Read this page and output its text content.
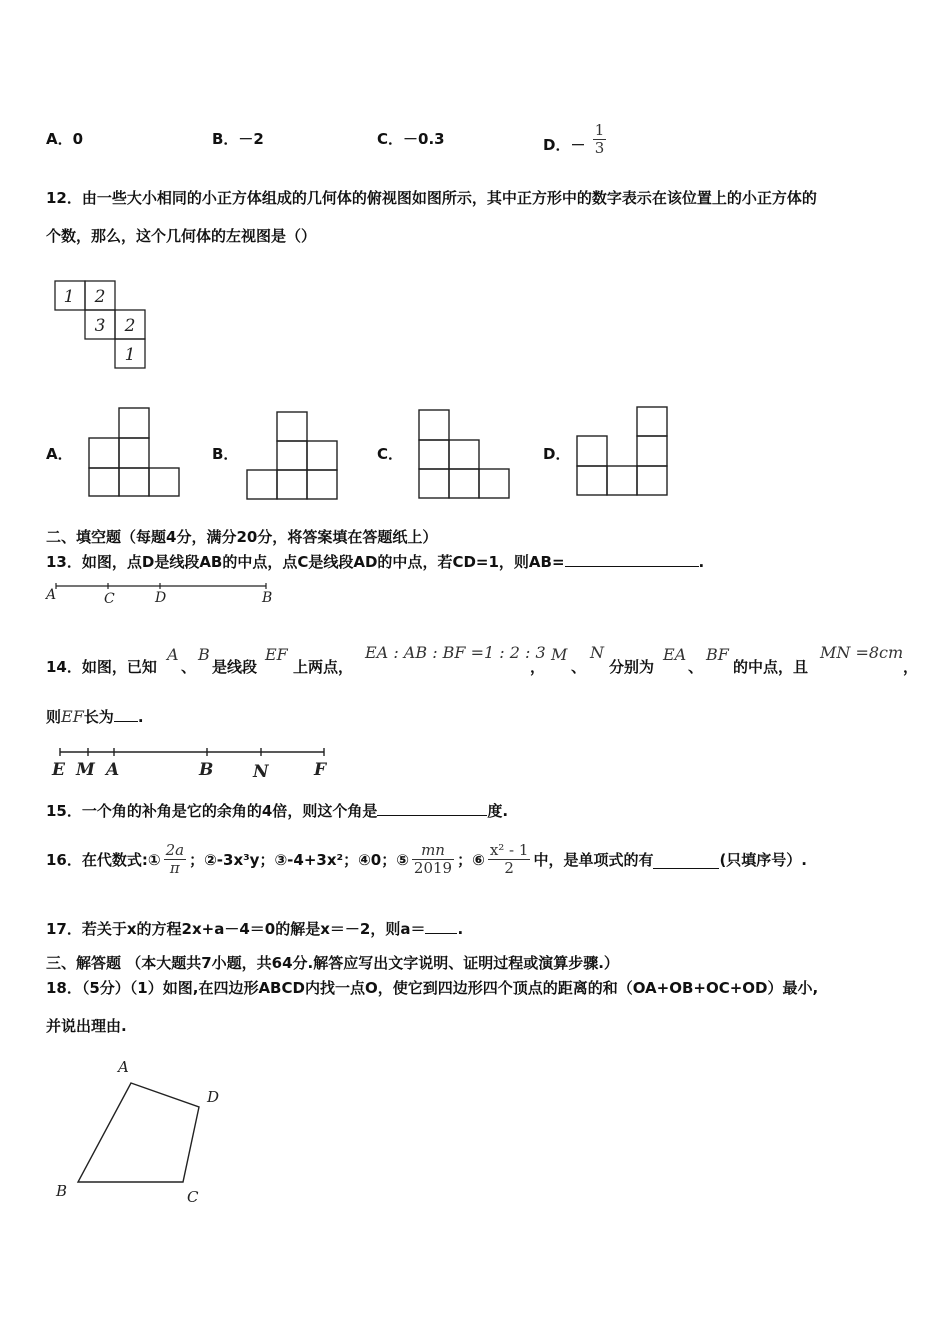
A．0	B．－2	C．－0.3	D．－ $\frac{1}{3}$
12．由一些大小相同的小正方体组成的几何体的俯视图如图所示，其中正方形中的数字表示在该位置上的小正方体的
个数，那么，这个几何体的左视图是（）
1 2
3 2
1
A．	B．	C．	D．
二、填空题（每题4分，满分20分，将答案填在答题纸上）
13．如图，点D是线段AB的中点，点C是线段AD的中点，若CD=1，则AB=	.
A	C	D	B
14．如图，已知
A
、
B
是线段
EF
上两点，
EA : AB : BF =1 : 2 : 3
，
M
、
N
分别为
EA
、
BF
的中点，且
MN =8cm
，
则EF长为 .
E M A	B N	F
15．一个角的补角是它的余角的4倍，则这个角是	度.
16．在代数式:① $\frac{2a}{\pi}$ ；②-3x³y；③-4+3x²；④0；⑤ $\frac{mn}{2019}$ ；⑥ $\frac{\text{x² - 1}}{2}$ 中，是单项式的有	(只填序号）.
17．若关于x的方程2x+a－4＝0的解是x＝－2，则a＝ .
三、解答题 （本大题共7小题，共64分.解答应写出文字说明、证明过程或演算步骤.）
18．（5分）（1）如图,在四边形ABCD内找一点O，使它到四边形四个顶点的距离的和（OA+OB+OC+OD）最小,
并说出理由.
A
D
B	C
